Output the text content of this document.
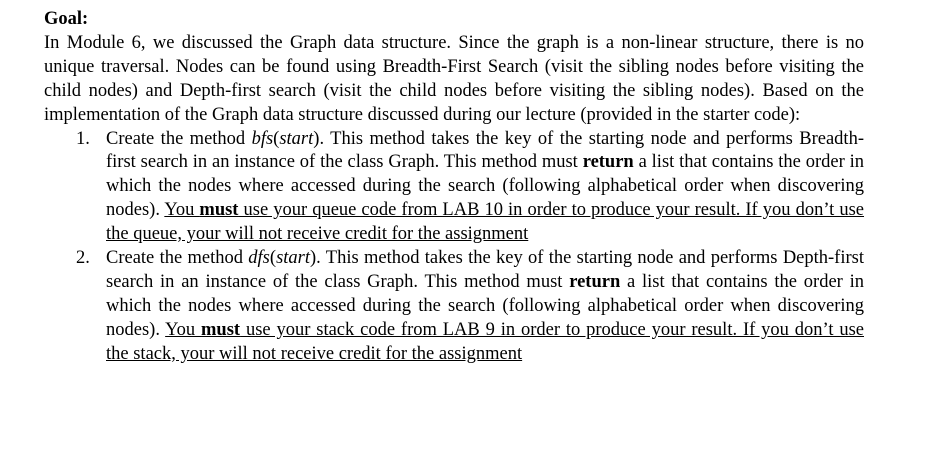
Goal:

In Module 6, we discussed the Graph data structure. Since the graph is a non-linear structure, there is no unique traversal. Nodes can be found using Breadth-First Search (visit the sibling nodes before visiting the child nodes) and Depth-first search (visit the child nodes before visiting the sibling nodes). Based on the implementation of the Graph data structure discussed during our lecture (provided in the starter code):

1. Create the method bfs(start). This method takes the key of the starting node and performs Breadth-first search in an instance of the class Graph. This method must return a list that contains the order in which the nodes where accessed during the search (following alphabetical order when discovering nodes). You must use your queue code from LAB 10 in order to produce your result. If you don’t use the queue, your will not receive credit for the assignment
2. Create the method dfs(start). This method takes the key of the starting node and performs Depth-first search in an instance of the class Graph. This method must return a list that contains the order in which the nodes where accessed during the search (following alphabetical order when discovering nodes). You must use your stack code from LAB 9 in order to produce your result. If you don’t use the stack, your will not receive credit for the assignment
